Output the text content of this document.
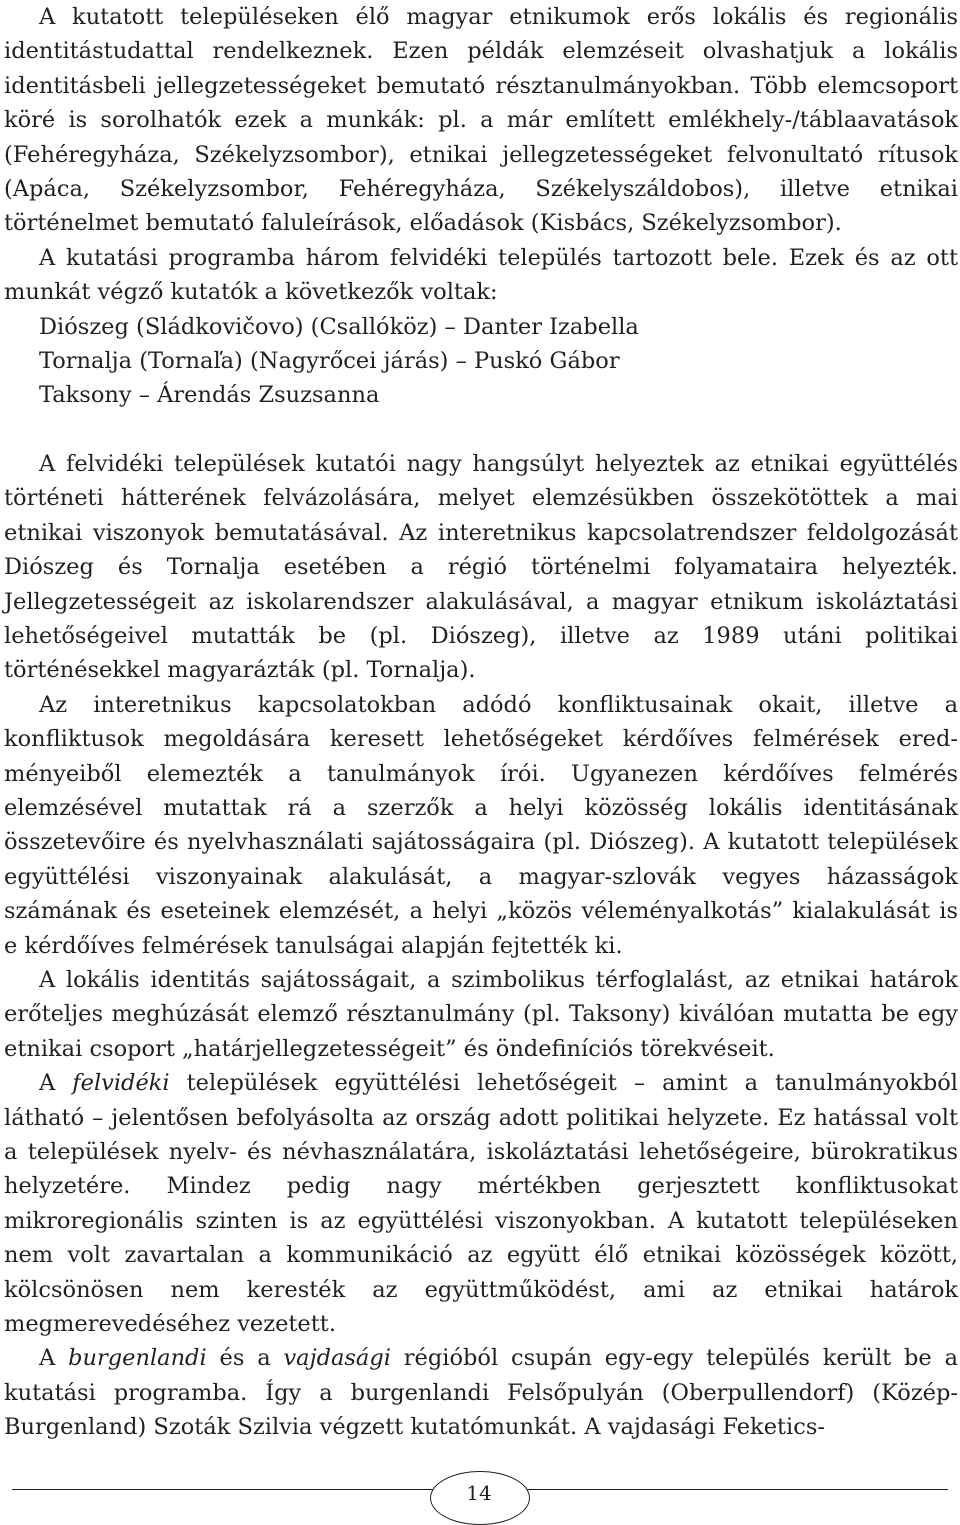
A kutatott településeken élő magyar etnikumok erős lokális és regionális identitástudattal rendelkeznek. Ezen példák elemzéseit olvashatjuk a lokális identitásbeli jellegzetességeket bemutató résztanulmányokban. Több elemcsoport köré is sorolhatók ezek a munkák: pl. a már említett emlékhely-/táblaavatások (Fehéregyháza, Székelyzsombor), etnikai jellegzetességeket felvonultató rítusok (Apáca, Székelyzsombor, Fehéregyháza, Székelyszáldobos), illetve etnikai történelmet bemutató faluleírások, előadások (Kisbács, Székelyzsombor).

A kutatási programba három felvidéki település tartozott bele. Ezek és az ott munkát végző kutatók a következők voltak:

Diószeg (Sládkovičovo) (Csallóköz) – Danter Izabella

Tornalja (Tornaľa) (Nagyrőcei járás) – Puskó Gábor

Taksony – Árendás Zsuzsanna

A felvidéki települések kutatói nagy hangsúlyt helyeztek az etnikai együttélés történeti hátterének felvázolására, melyet elemzésükben összekötöttek a mai etnikai viszonyok bemutatásával. Az interetnikus kapcsolatrendszer feldolgozását Diószeg és Tornalja esetében a régió történelmi folyamataira helyezték. Jellegzetességeit az iskolarendszer alakulásával, a magyar etnikum iskoláztatási lehetőségeivel mutatták be (pl. Diószeg), illetve az 1989 utáni politikai történésekkel magyarázták (pl. Tornalja).

Az interetnikus kapcsolatokban adódó konfliktusainak okait, illetve a konfliktusok megoldására keresett lehetőségeket kérdőíves felmérések eredményeiből elemezték a tanulmányok írói. Ugyanezen kérdőíves felmérés elemzésével mutattak rá a szerzők a helyi közösség lokális identitásának összetevőire és nyelvhasználati sajátosságaira (pl. Diószeg). A kutatott települések együttélési viszonyainak alakulását, a magyar-szlovák vegyes házasságok számának és eseteinek elemzését, a helyi „közös véleményalkotás” kialakulását is e kérdőíves felmérések tanulságai alapján fejtették ki.

A lokális identitás sajátosságait, a szimbolikus térfoglalást, az etnikai határok erőteljes meghúzását elemző résztanulmány (pl. Taksony) kiválóan mutatta be egy etnikai csoport „határjellegzetességeit” és öndefiníciós törekvéseit.

A felvidéki települések együttélési lehetőségeit – amint a tanulmányokból látható – jelentősen befolyásolta az ország adott politikai helyzete. Ez hatással volt a települések nyelv- és névhasználatára, iskoláztatási lehetőségeire, bürokratikus helyzetére. Mindez pedig nagy mértékben gerjesztett konfliktusokat mikroregionális szinten is az együttélési viszonyokban. A kutatott településeken nem volt zavartalan a kommunikáció az együtt élő etnikai közösségek között, kölcsönösen nem keresték az együttműködést, ami az etnikai határok megmerevedéséhez vezetett.

A burgenlandi és a vajdasági régióból csupán egy-egy település került be a kutatási programba. Így a burgenlandi Felsőpulyán (Oberpullendorf) (Közép-Burgenland) Szoták Szilvia végzett kutatómunkát. A vajdasági Feketics-

14
